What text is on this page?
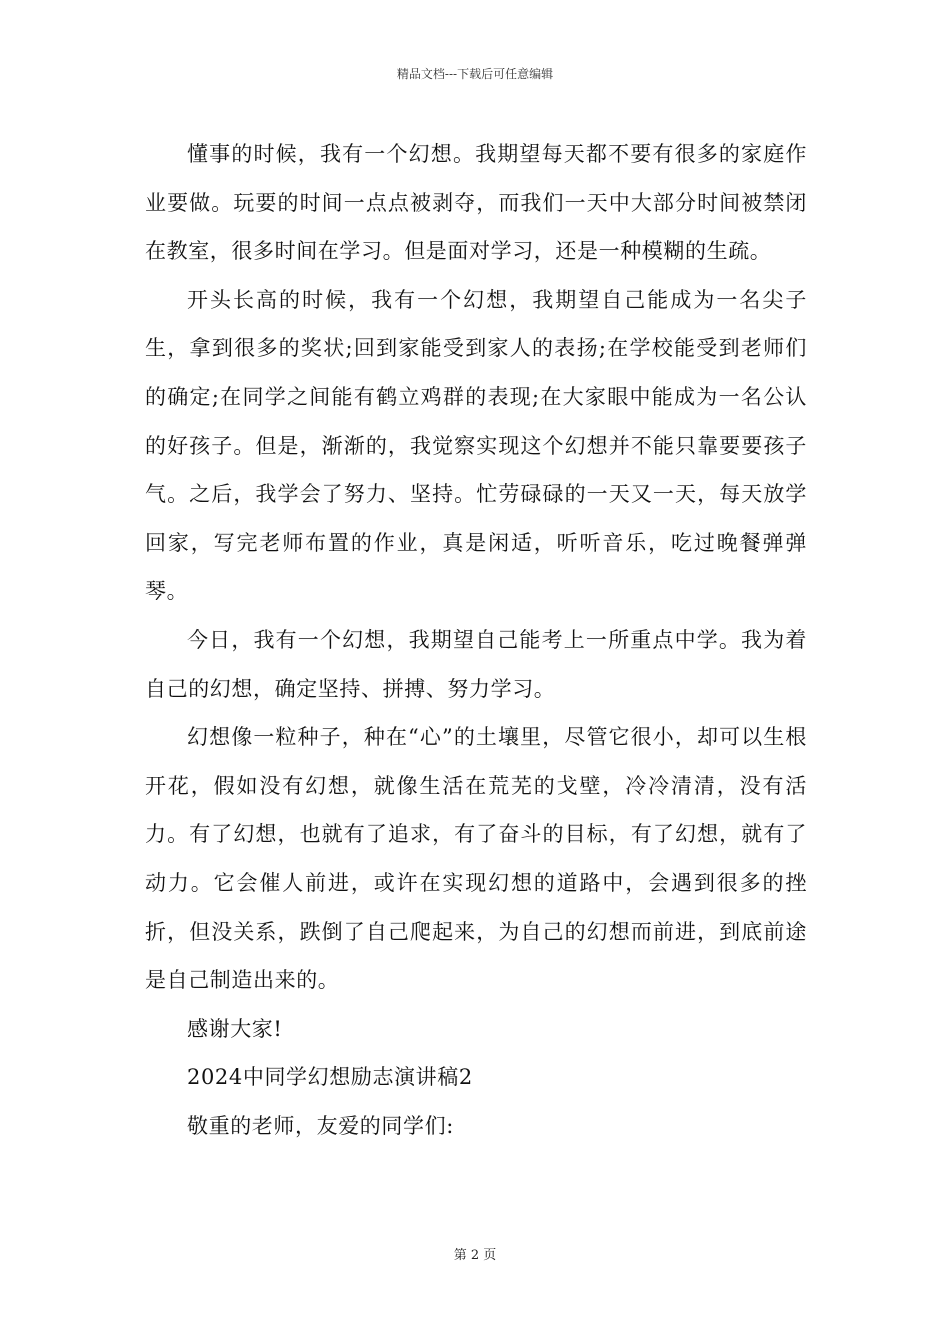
精品文档---下载后可任意编辑

懂事的时候，我有一个幻想。我期望每天都不要有很多的家庭作业要做。玩要的时间一点点被剥夺，而我们一天中大部分时间被禁闭在教室，很多时间在学习。但是面对学习，还是一种模糊的生疏。

开头长高的时候，我有一个幻想，我期望自己能成为一名尖子生，拿到很多的奖状;回到家能受到家人的表扬;在学校能受到老师们的确定;在同学之间能有鹤立鸡群的表现;在大家眼中能成为一名公认的好孩子。但是，渐渐的，我觉察实现这个幻想并不能只靠要要孩子气。之后，我学会了努力、坚持。忙劳碌碌的一天又一天，每天放学回家，写完老师布置的作业，真是闲适，听听音乐，吃过晚餐弹弹琴。

今日，我有一个幻想，我期望自己能考上一所重点中学。我为着自己的幻想，确定坚持、拼搏、努力学习。

幻想像一粒种子，种在“心”的土壤里，尽管它很小，却可以生根开花，假如没有幻想，就像生活在荒芜的戈壁，冷冷清清，没有活力。有了幻想，也就有了追求，有了奋斗的目标，有了幻想，就有了动力。它会催人前进，或许在实现幻想的道路中，会遇到很多的挫折，但没关系，跌倒了自己爬起来，为自己的幻想而前进，到底前途是自己制造出来的。

感谢大家!

2024中同学幻想励志演讲稿2

敬重的老师，友爱的同学们:

第 2 页
